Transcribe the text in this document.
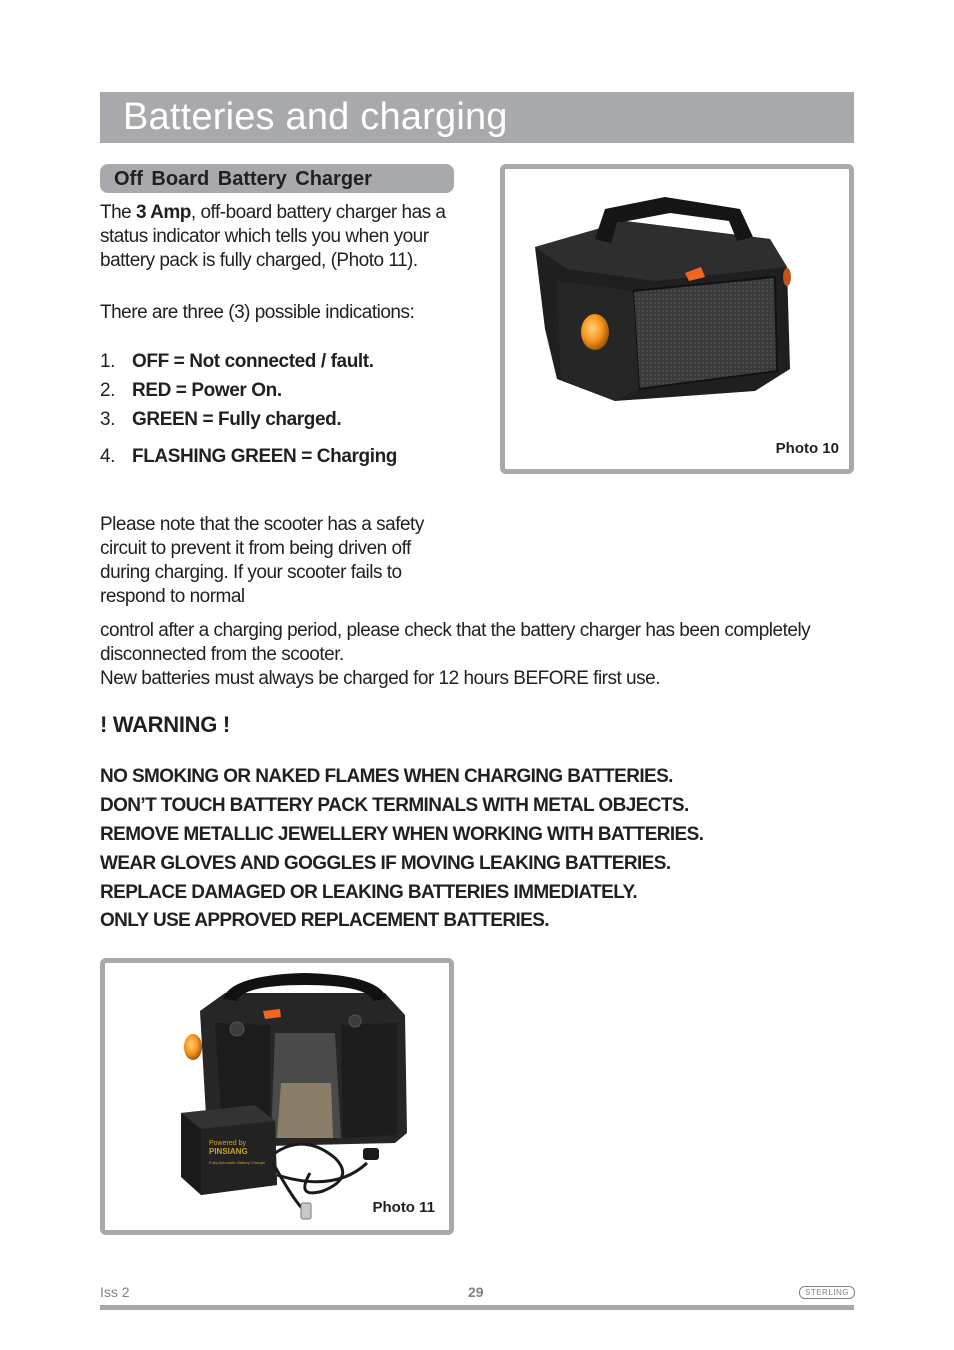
Batteries and charging
Off Board Battery Charger

The 3 Amp, off-board battery charger has a status indicator which tells you when your battery pack is fully charged, (Photo 11).

There are three (3) possible indications:

1. OFF = Not connected / fault.
2. RED = Power On.
3. GREEN = Fully charged.
4. FLASHING GREEN = Charging

Please note that the scooter has a safety circuit to prevent it from being driven off during charging. If your scooter fails to respond to normal

control after a charging period, please check that the battery charger has been completely disconnected from the scooter.
New batteries must always be charged for 12 hours BEFORE first use.

! WARNING !
NO SMOKING OR NAKED FLAMES WHEN CHARGING BATTERIES.
DON’T TOUCH BATTERY PACK TERMINALS WITH METAL OBJECTS.
REMOVE METALLIC JEWELLERY WHEN WORKING WITH BATTERIES.
WEAR GLOVES AND GOGGLES IF MOVING LEAKING BATTERIES.
REPLACE DAMAGED OR LEAKING BATTERIES IMMEDIATELY.
ONLY USE APPROVED REPLACEMENT BATTERIES.
Photo 10
Powered by
PINSIANG
Fully Automatic Battery Charger
Photo 11
Iss 2	29	STERLING
